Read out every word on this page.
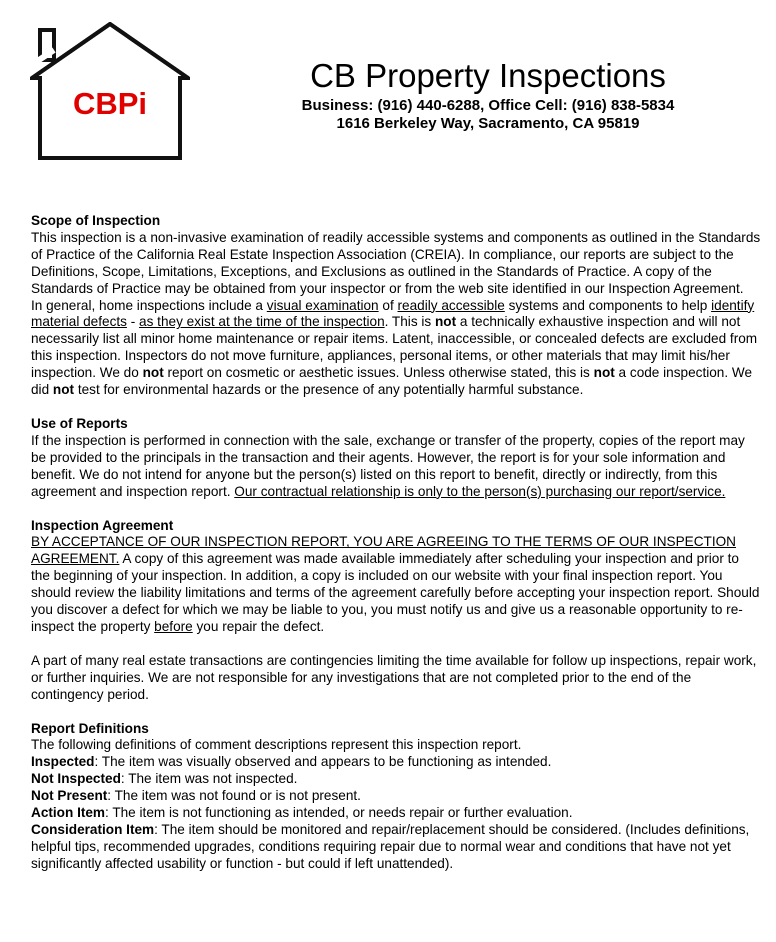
CBPi
CB Property Inspections
Business: (916) 440-6288, Office Cell: (916) 838-5834
1616 Berkeley Way, Sacramento, CA 95819

Scope of Inspection

This inspection is a non-invasive examination of readily accessible systems and components as outlined in the Standards of Practice of the California Real Estate Inspection Association (CREIA). In compliance, our reports are subject to the Definitions, Scope, Limitations, Exceptions, and Exclusions as outlined in the Standards of Practice. A copy of the Standards of Practice may be obtained from your inspector or from the web site identified in our Inspection Agreement.

In general, home inspections include a visual examination of readily accessible systems and components to help identify material defects - as they exist at the time of the inspection. This is not a technically exhaustive inspection and will not necessarily list all minor home maintenance or repair items. Latent, inaccessible, or concealed defects are excluded from this inspection. Inspectors do not move furniture, appliances, personal items, or other materials that may limit his/her inspection. We do not report on cosmetic or aesthetic issues. Unless otherwise stated, this is not a code inspection. We did not test for environmental hazards or the presence of any potentially harmful substance.

Use of Reports

If the inspection is performed in connection with the sale, exchange or transfer of the property, copies of the report may be provided to the principals in the transaction and their agents. However, the report is for your sole information and benefit. We do not intend for anyone but the person(s) listed on this report to benefit, directly or indirectly, from this agreement and inspection report. Our contractual relationship is only to the person(s) purchasing our report/service.

Inspection Agreement

BY ACCEPTANCE OF OUR INSPECTION REPORT, YOU ARE AGREEING TO THE TERMS OF OUR INSPECTION AGREEMENT. A copy of this agreement was made available immediately after scheduling your inspection and prior to the beginning of your inspection. In addition, a copy is included on our website with your final inspection report. You should review the liability limitations and terms of the agreement carefully before accepting your inspection report. Should you discover a defect for which we may be liable to you, you must notify us and give us a reasonable opportunity to re-inspect the property before you repair the defect.

A part of many real estate transactions are contingencies limiting the time available for follow up inspections, repair work, or further inquiries. We are not responsible for any investigations that are not completed prior to the end of the contingency period.

Report Definitions

The following definitions of comment descriptions represent this inspection report.

Inspected: The item was visually observed and appears to be functioning as intended.

Not Inspected: The item was not inspected.

Not Present: The item was not found or is not present.

Action Item: The item is not functioning as intended, or needs repair or further evaluation.

Consideration Item: The item should be monitored and repair/replacement should be considered. (Includes definitions, helpful tips, recommended upgrades, conditions requiring repair due to normal wear and conditions that have not yet significantly affected usability or function - but could if left unattended).
